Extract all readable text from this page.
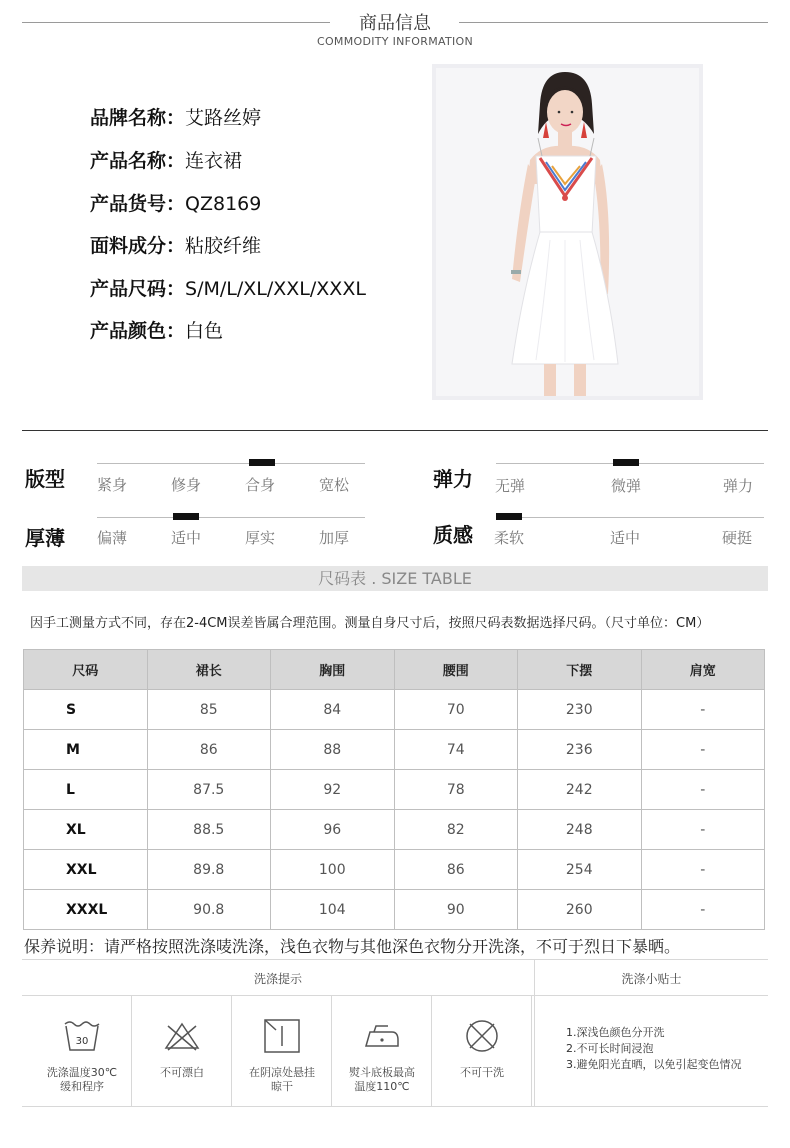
商品信息
COMMODITY INFORMATION
品牌名称：艾路丝婷
产品名称：连衣裙
产品货号：QZ8169
面料成分：粘胶纤维
产品尺码：S/M/L/XL/XXL/XXXL
产品颜色：白色
版型 紧身	修身	合身	宽松	弹力 无弹	微弹	弹力
厚薄 偏薄	适中	厚实	加厚	质感 柔软	适中	硬挺
尺码表 . SIZE TABLE
因手工测量方式不同，存在2-4CM误差皆属合理范围。测量自身尺寸后，按照尺码表数据选择尺码。（尺寸单位：CM）
尺码	裙长	胸围	腰围	下摆	肩宽
S	85	84	70	230	-
M	86	88	74	236	-
L	87.5	92	78	242	-
XL	88.5	96	82	248	-
XXL	89.8	100	86	254	-
XXXL	90.8	104	90	260	-
保养说明：请严格按照洗涤唛洗涤，浅色衣物与其他深色衣物分开洗涤，不可于烈日下暴晒。
洗涤提示	洗涤小贴士
30
洗涤温度30℃
缓和程序
不可漂白	在阴凉处悬挂
晾干
熨斗底板最高
温度110℃
不可干洗

1.深浅色颜色分开洗
2.不可长时间浸泡
3.避免阳光直晒，以免引起变色情况
